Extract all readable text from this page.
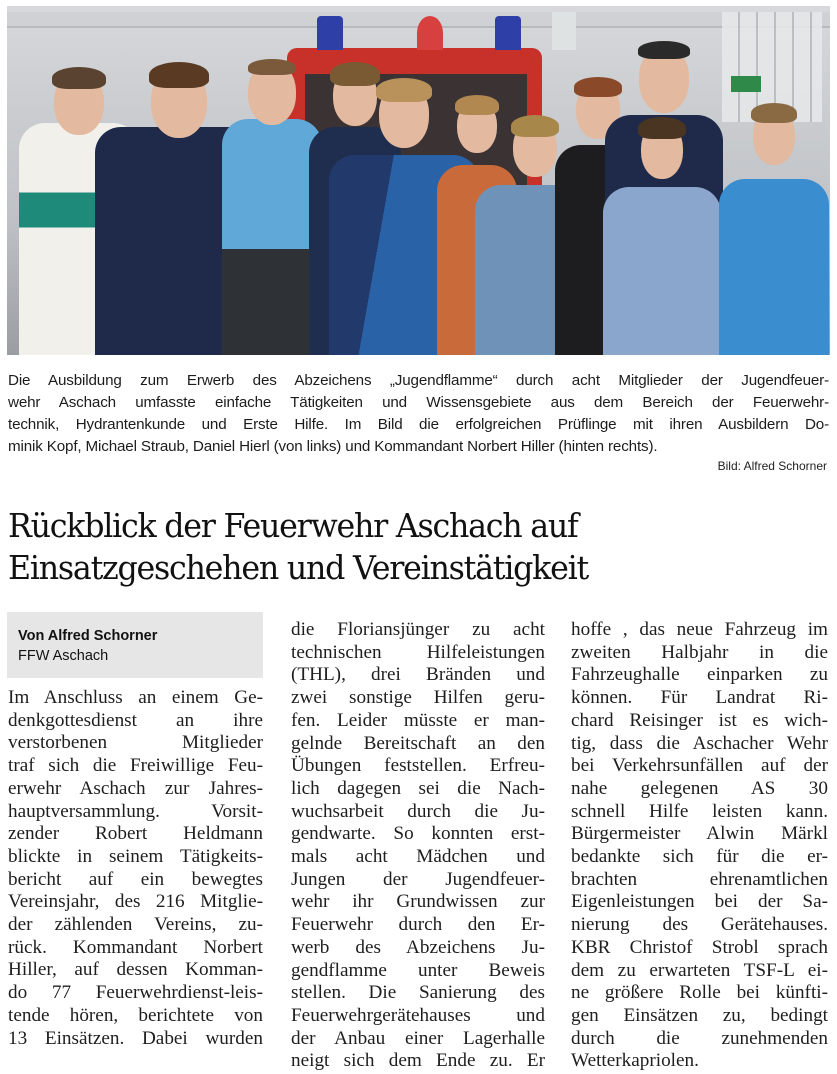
Die Ausbildung zum Erwerb des Abzeichens „Jugendflamme“ durch acht Mitglieder der Jugendfeuer-

wehr Aschach umfasste einfache Tätigkeiten und Wissensgebiete aus dem Bereich der Feuerwehr-

technik, Hydrantenkunde und Erste Hilfe. Im Bild die erfolgreichen Prüflinge mit ihren Ausbildern Do-

minik Kopf, Michael Straub, Daniel Hierl (von links) und Kommandant Norbert Hiller (hinten rechts).

Bild: Alfred Schorner
Rückblick der Feuerwehr Aschach auf
Einsatzgeschehen und Vereinstätigkeit
Von Alfred Schorner
FFW Aschach
Im Anschluss an einem Ge-
denkgottesdienst an ihre
verstorbenen Mitglieder
traf sich die Freiwillige Feu-
erwehr Aschach zur Jahres-
hauptversammlung. Vorsit-
zender Robert Heldmann
blickte in seinem Tätigkeits-
bericht auf ein bewegtes
Vereinsjahr, des 216 Mitglie-
der zählenden Vereins, zu-
rück. Kommandant Norbert
Hiller, auf dessen Komman-
do 77 Feuerwehrdienst-leis-
tende hören, berichtete von
13 Einsätzen. Dabei wurden
die Floriansjünger zu acht
technischen Hilfeleistungen
(THL), drei Bränden und
zwei sonstige Hilfen geru-
fen. Leider müsste er man-
gelnde Bereitschaft an den
Übungen feststellen. Erfreu-
lich dagegen sei die Nach-
wuchsarbeit durch die Ju-
gendwarte. So konnten erst-
mals acht Mädchen und
Jungen der Jugendfeuer-
wehr ihr Grundwissen zur
Feuerwehr durch den Er-
werb des Abzeichens Ju-
gendflamme unter Beweis
stellen. Die Sanierung des
Feuerwehrgerätehauses und
der Anbau einer Lagerhalle
neigt sich dem Ende zu. Er
hoffe , das neue Fahrzeug im
zweiten Halbjahr in die
Fahrzeughalle einparken zu
können. Für Landrat Ri-
chard Reisinger ist es wich-
tig, dass die Aschacher Wehr
bei Verkehrsunfällen auf der
nahe gelegenen AS 30
schnell Hilfe leisten kann.
Bürgermeister Alwin Märkl
bedankte sich für die er-
brachten ehrenamtlichen
Eigenleistungen bei der Sa-
nierung des Gerätehauses.
KBR Christof Strobl sprach
dem zu erwarteten TSF-L ei-
ne größere Rolle bei künfti-
gen Einsätzen zu, bedingt
durch die zunehmenden
Wetterkapriolen.
